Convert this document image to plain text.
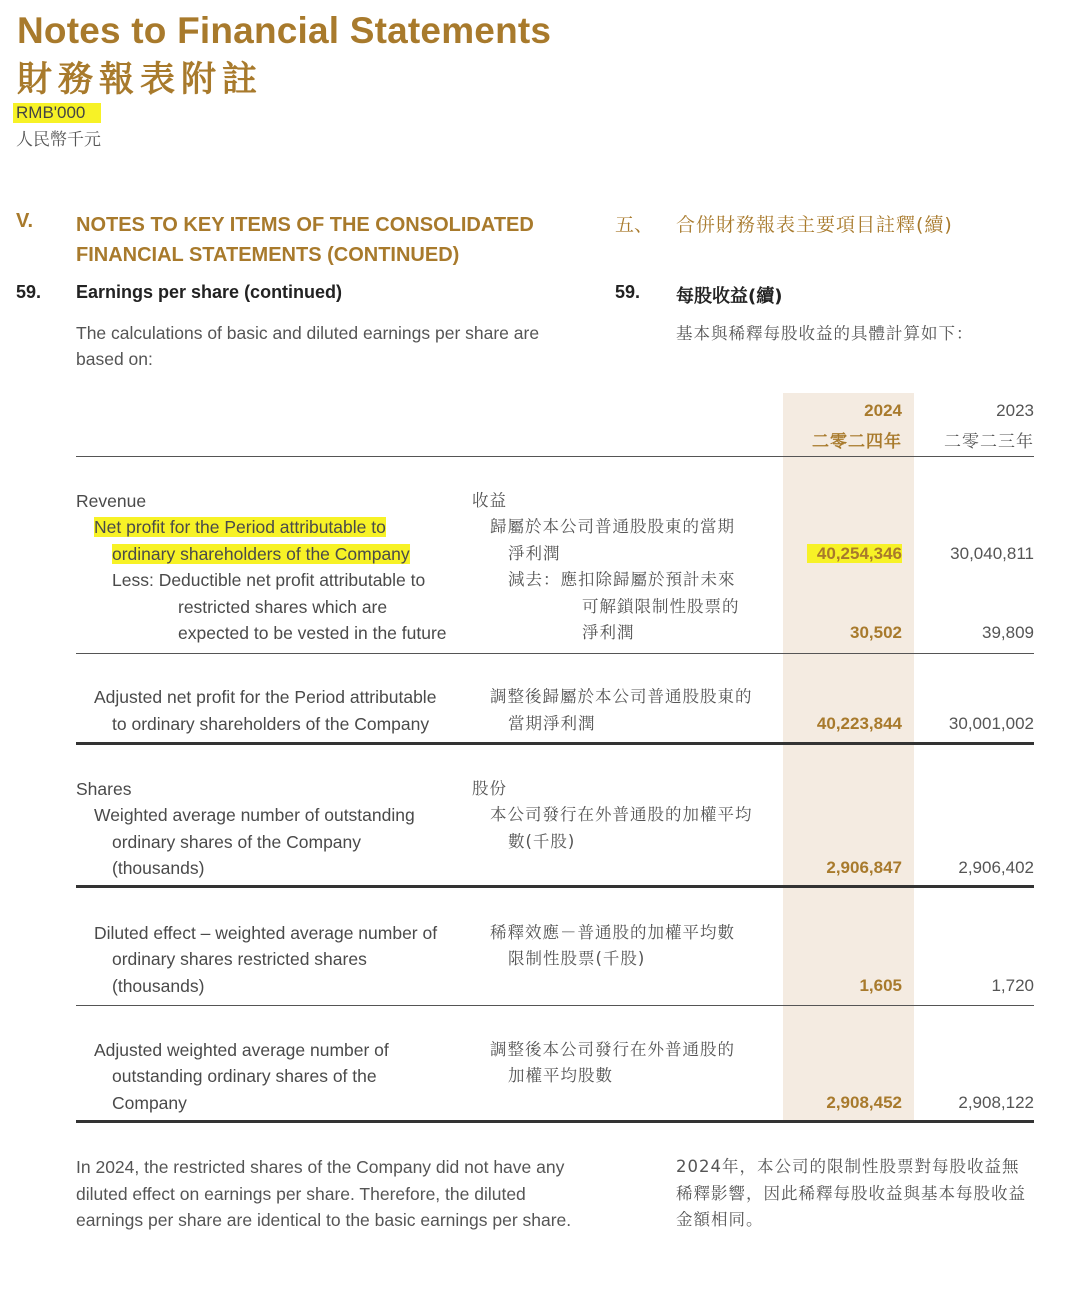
Notes to Financial Statements
財務報表附註
RMB'000
人民幣千元
V. NOTES TO KEY ITEMS OF THE CONSOLIDATED
FINANCIAL STATEMENTS (CONTINUED)
五、 合併財務報表主要項目註釋(續)
59. Earnings per share (continued)	59. 每股收益(續)
The calculations of basic and diluted earnings per share are based on:
基本與稀釋每股收益的具體計算如下：
2024
二零二四年
2023
二零二三年
Revenue	收益
Net profit for the Period attributable to
ordinary shareholders of the Company
歸屬於本公司普通股股東的當期
淨利潤	40,254,346	30,040,811
Less: Deductible net profit attributable to
restricted shares which are
expected to be vested in the future
減去：應扣除歸屬於預計未來
可解鎖限制性股票的
淨利潤	30,502	39,809
Adjusted net profit for the Period attributable
to ordinary shareholders of the Company
調整後歸屬於本公司普通股股東的
當期淨利潤	40,223,844	30,001,002
Shares	股份
Weighted average number of outstanding
ordinary shares of the Company
(thousands)
本公司發行在外普通股的加權平均
數(千股)
2,906,847	2,906,402
Diluted effect – weighted average number of
ordinary shares restricted shares
(thousands)
稀釋效應－普通股的加權平均數
限制性股票(千股)
1,605	1,720
Adjusted weighted average number of
outstanding ordinary shares of the
Company
調整後本公司發行在外普通股的
加權平均股數
2,908,452	2,908,122
In 2024, the restricted shares of the Company did not have any diluted effect on earnings per share. Therefore, the diluted earnings per share are identical to the basic earnings per share.
2024年，本公司的限制性股票對每股收益無稀釋影響，因此稀釋每股收益與基本每股收益金額相同。
